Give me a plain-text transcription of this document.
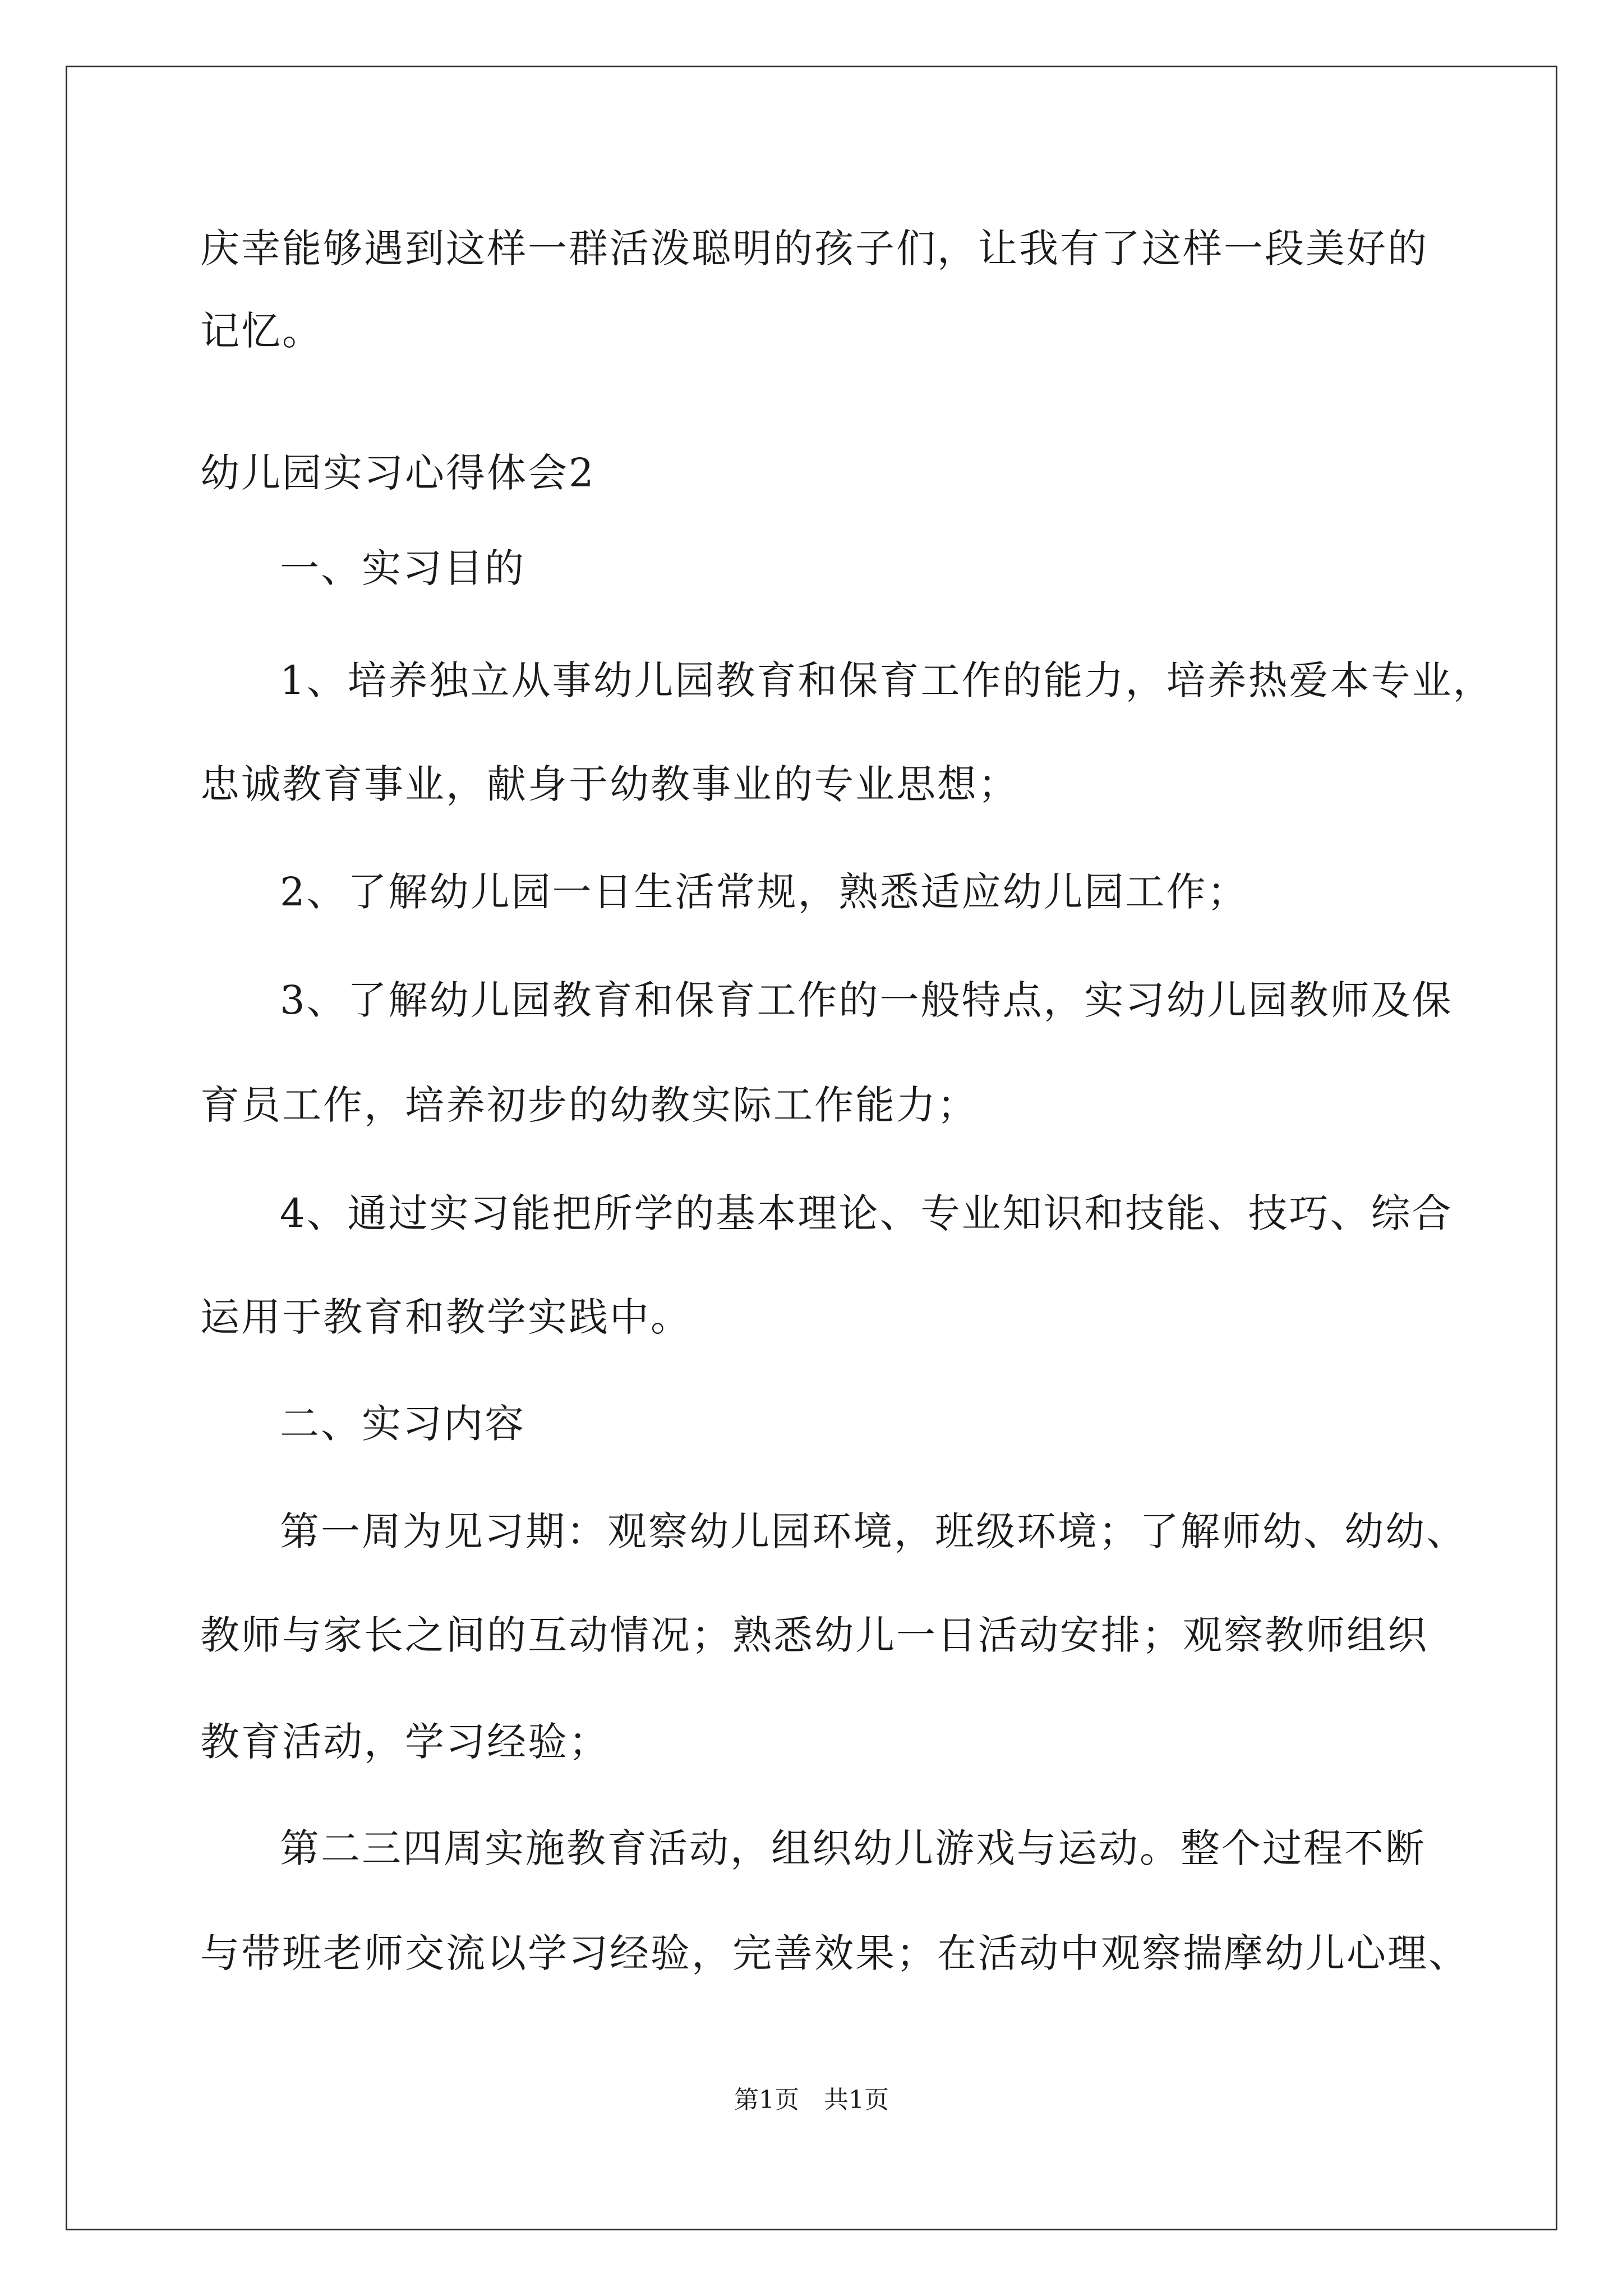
庆幸能够遇到这样一群活泼聪明的孩子们，让我有了这样一段美好的
记忆。
幼儿园实习心得体会2
一、实习目的
1、培养独立从事幼儿园教育和保育工作的能力，培养热爱本专业，
忠诚教育事业，献身于幼教事业的专业思想；
2、了解幼儿园一日生活常规，熟悉适应幼儿园工作；
3、了解幼儿园教育和保育工作的一般特点，实习幼儿园教师及保
育员工作，培养初步的幼教实际工作能力；
4、通过实习能把所学的基本理论、专业知识和技能、技巧、综合
运用于教育和教学实践中。
二、实习内容
第一周为见习期：观察幼儿园环境，班级环境；了解师幼、幼幼、
教师与家长之间的互动情况；熟悉幼儿一日活动安排；观察教师组织
教育活动，学习经验；
第二三四周实施教育活动，组织幼儿游戏与运动。整个过程不断
与带班老师交流以学习经验，完善效果；在活动中观察揣摩幼儿心理、
第1页 共1页
